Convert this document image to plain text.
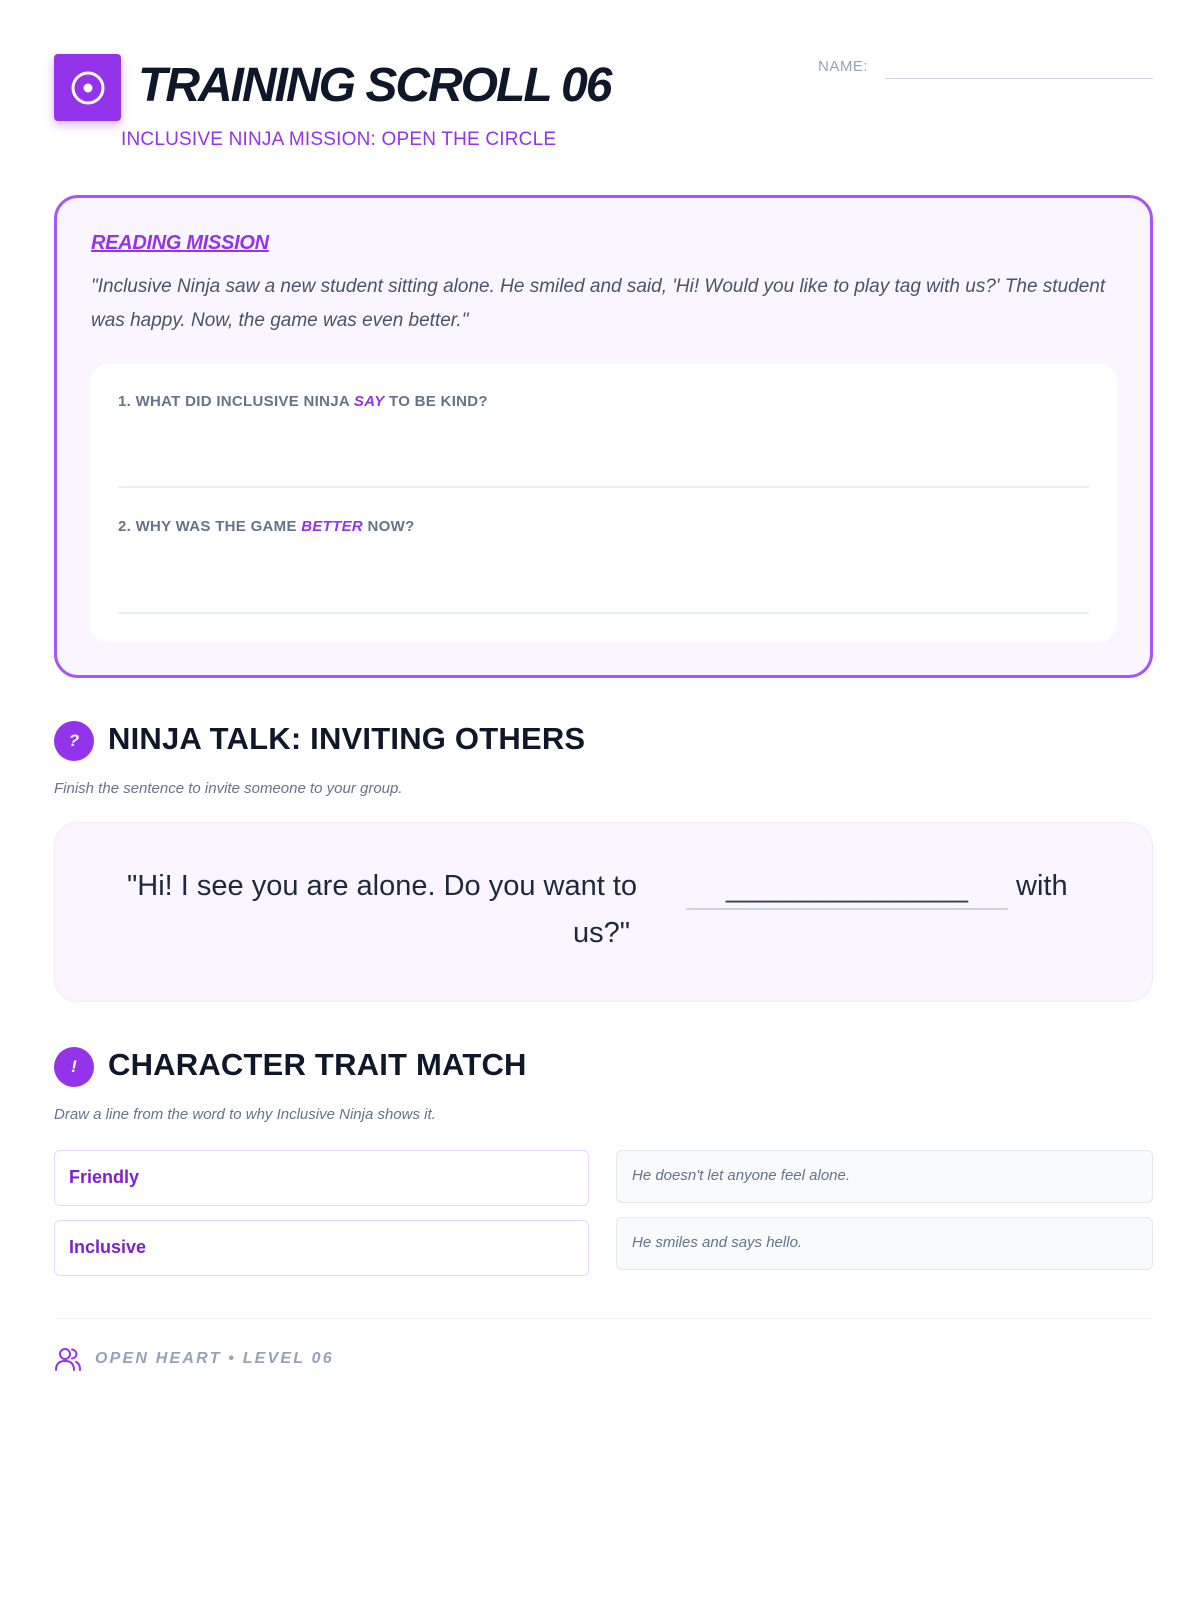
TRAINING SCROLL 06
INCLUSIVE NINJA MISSION: OPEN THE CIRCLE
NAME:
READING MISSION
"Inclusive Ninja saw a new student sitting alone. He smiled and said, 'Hi! Would you like to play tag with us?' The student was happy. Now, the game was even better."
1. WHAT DID INCLUSIVE NINJA SAY TO BE KIND?
2. WHY WAS THE GAME BETTER NOW?
? NINJA TALK: INVITING OTHERS
Finish the sentence to invite someone to your group.
"Hi! I see you are alone. Do you want to	_______________	with
us?"
!	CHARACTER TRAIT MATCH
Draw a line from the word to why Inclusive Ninja shows it.
Friendly
Inclusive
He doesn't let anyone feel alone.
He smiles and says hello.
OPEN HEART • LEVEL 06
